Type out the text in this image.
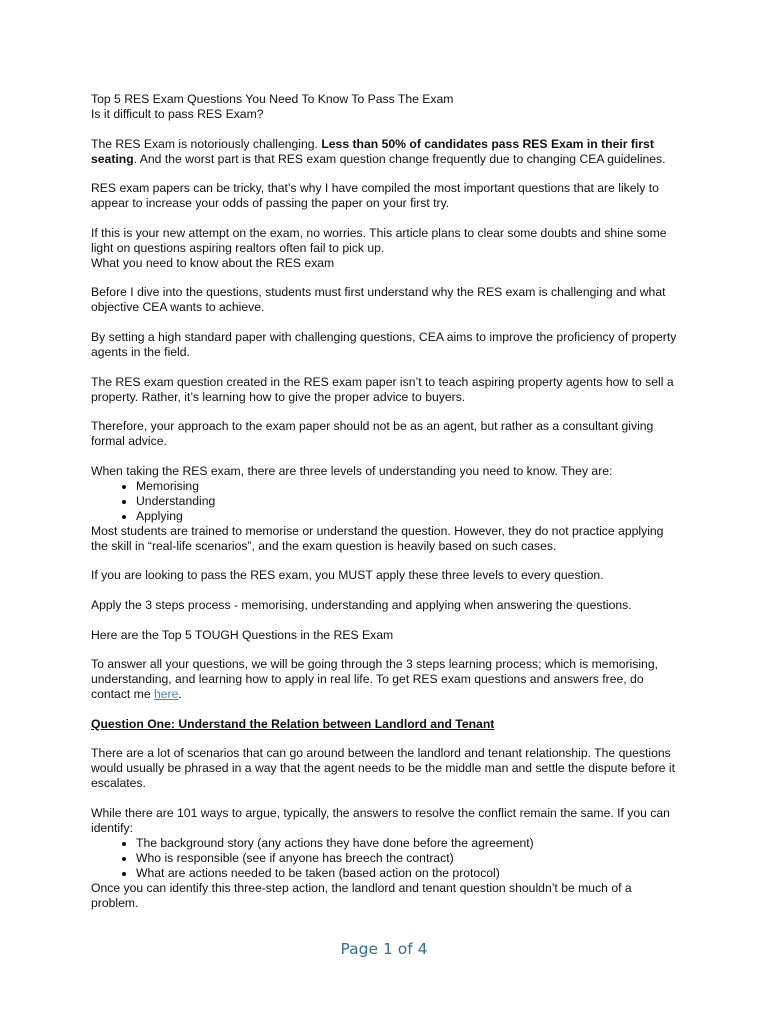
Top 5 RES Exam Questions You Need To Know To Pass The Exam

Is it difficult to pass RES Exam?

The RES Exam is notoriously challenging. Less than 50% of candidates pass RES Exam in their first seating. And the worst part is that RES exam question change frequently due to changing CEA guidelines.

RES exam papers can be tricky, that’s why I have compiled the most important questions that are likely to appear to increase your odds of passing the paper on your first try.

If this is your new attempt on the exam, no worries. This article plans to clear some doubts and shine some light on questions aspiring realtors often fail to pick up.

What you need to know about the RES exam

Before I dive into the questions, students must first understand why the RES exam is challenging and what objective CEA wants to achieve.

By setting a high standard paper with challenging questions, CEA aims to improve the proficiency of property agents in the field.

The RES exam question created in the RES exam paper isn’t to teach aspiring property agents how to sell a property. Rather, it’s learning how to give the proper advice to buyers.

Therefore, your approach to the exam paper should not be as an agent, but rather as a consultant giving formal advice.

When taking the RES exam, there are three levels of understanding you need to know. They are:
• Memorising
• Understanding
• Applying

Most students are trained to memorise or understand the question. However, they do not practice applying the skill in “real-life scenarios”, and the exam question is heavily based on such cases.

If you are looking to pass the RES exam, you MUST apply these three levels to every question.

Apply the 3 steps process - memorising, understanding and applying when answering the questions.

Here are the Top 5 TOUGH Questions in the RES Exam

To answer all your questions, we will be going through the 3 steps learning process; which is memorising, understanding, and learning how to apply in real life. To get RES exam questions and answers free, do contact me here.

Question One: Understand the Relation between Landlord and Tenant

There are a lot of scenarios that can go around between the landlord and tenant relationship. The questions would usually be phrased in a way that the agent needs to be the middle man and settle the dispute before it escalates.

While there are 101 ways to argue, typically, the answers to resolve the conflict remain the same. If you can identify:
• The background story (any actions they have done before the agreement)
• Who is responsible (see if anyone has breech the contract)
• What are actions needed to be taken (based action on the protocol)
Once you can identify this three-step action, the landlord and tenant question shouldn’t be much of a problem.
Page 1 of 4
